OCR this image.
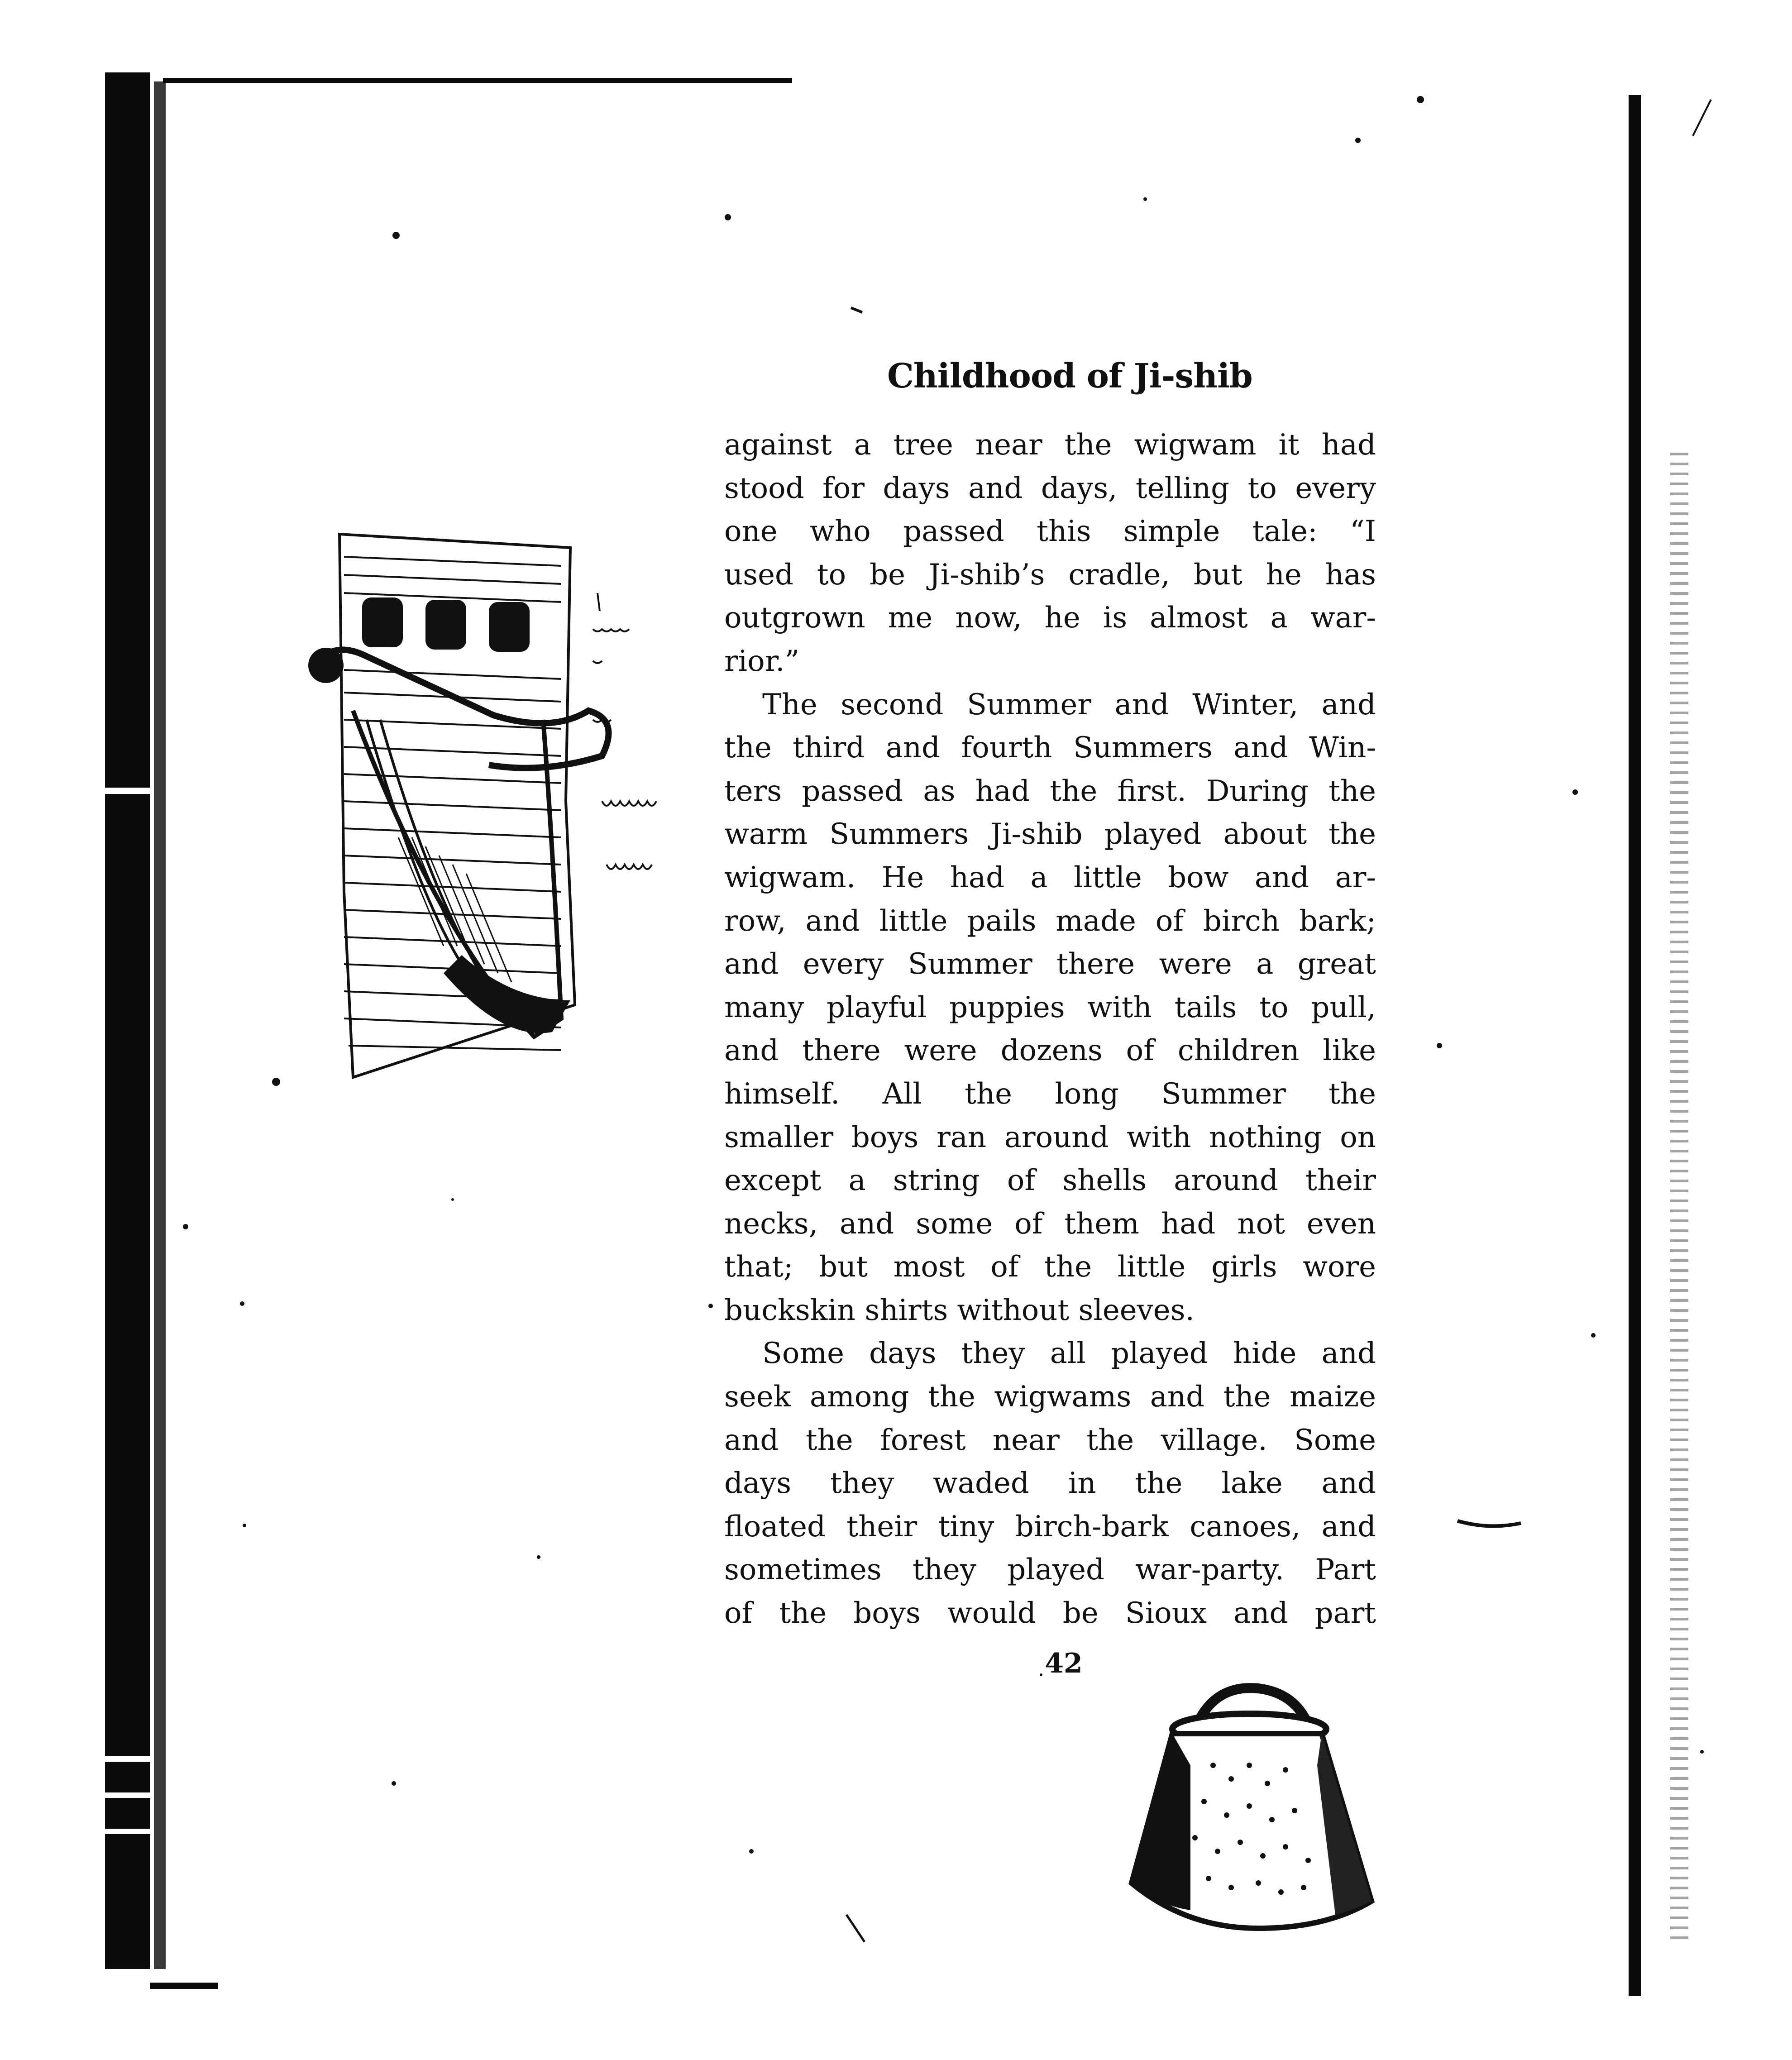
Childhood of Ji-shib
against a tree near the wigwam it had
stood for days and days, telling to every
one who passed this simple tale: “I
used to be Ji-shib’s cradle, but he has
outgrown me now, he is almost a war-
rior.”
The second Summer and Winter, and
the third and fourth Summers and Win-
ters passed as had the first. During the
warm Summers Ji-shib played about the
wigwam. He had a little bow and ar-
row, and little pails made of birch bark;
and every Summer there were a great
many playful puppies with tails to pull,
and there were dozens of children like
himself. All the long Summer the
smaller boys ran around with nothing on
except a string of shells around their
necks, and some of them had not even
that; but most of the little girls wore
buckskin shirts without sleeves.
Some days they all played hide and
seek among the wigwams and the maize
and the forest near the village. Some
days they waded in the lake and
floated their tiny birch-bark canoes, and
sometimes they played war-party. Part
of the boys would be Sioux and part
42
